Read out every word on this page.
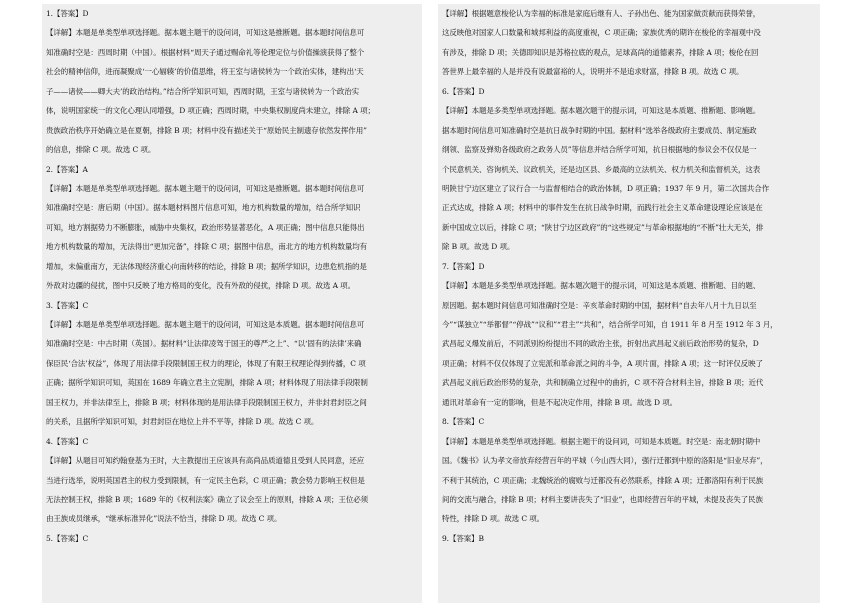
1.【答案】D
【详解】本题是单类型单项选择题。据本题主题干的设问词，可知这是推断题。据本题时间信息可
知准确时空是：西周时期（中国）。根据材料“周天子通过赐命礼等伦理定位与价值操演获得了整个
社会的精神信仰，进而凝聚成‘一心辐辏’的价值思维，将王室与诸侯转为一个政治实体，建构出‘天
子——诸侯——卿大夫’的政治结构。”结合所学知识可知，西周时期，王室与诸侯转为一个政治实
体，说明国家统一的文化心理认同增强，D 项正确；西周时期，中央集权制度尚未建立，排除 A 项；
贵族政治秩序开始确立是在夏朝，排除 B 项；材料中没有描述关于“原始民主制遗存依然发挥作用”
的信息，排除 C 项。故选 C 项。
2.【答案】A
【详解】本题是单类型单项选择题。据本题主题干的设问词，可知这是推断题。据本题时间信息可
知准确时空是：唐后期（中国）。据本题材料图片信息可知，地方机构数量的增加，结合所学知识
可知，地方割据势力不断膨胀，威胁中央集权，政治形势显著恶化，A 项正确；图中信息只能得出
地方机构数量的增加，无法得出“更加完备”，排除 C 项；据图中信息，南北方的地方机构数量均有
增加，未偏重南方，无法体现经济重心向南转移的结论，排除 B 项；据所学知识，边患危机指的是
外敌对边疆的侵扰，图中只反映了地方格局的变化，没有外敌的侵扰，排除 D 项。故选 A 项。
3.【答案】C
【详解】本题是单类型单项选择题。据本题主题干的设问词，可知这是本质题。据本题时间信息可
知准确时空是：中古时期（英国）。据材料“让法律凌驾于国王的尊严之上”、“以‘固有的法律’来确
保臣民‘合法’权益”，体现了用法律手段限制国王权力的理论，体现了有限王权理论得到传播，C 项
正确；据所学知识可知，英国在 1689 年确立君主立宪制，排除 A 项；材料体现了用法律手段限制
国王权力，并非法律至上，排除 B 项；材料体现的是用法律手段限制国王权力，并非封君封臣之间
的关系，且据所学知识可知，封君封臣在地位上并不平等，排除 D 项。故选 C 项。
4.【答案】C
【详解】从题目可知约翰登基为王时，大主教提出王应该具有高尚品质道德且受到人民同意，还应
当进行选举，说明英国君主的权力受到限制，有一定民主色彩，C 项正确；教会势力影响王权但是
无法控制王权，排除 B 项；1689 年的《权利法案》确立了议会至上的原则，排除 A 项；王位必须
由王族成员继承，“继承标准异化”说法不恰当，排除 D 项。故选 C 项。
5.【答案】C
【详解】根据题意梭伦认为幸福的标准是家庭后继有人、子孙出色、能为国家做贡献而获得荣誉，
这反映他对国家人口数量和城邦利益的高度重视，C 项正确；家族优秀的期许在梭伦的幸福观中没
有涉及，排除 D 项；关德即知识是苏格拉底的观点，足球高尚的道德素养，排除 A 项；梭伦在回
答世界上最幸福的人是并没有说最富裕的人，说明并不是追求财富，排除 B 项。故选 C 项。
6.【答案】D
【详解】本题是多类型单项选择题。据本题次题干的提示词，可知这是本质题、推断题、影响题。
据本题时间信息可知准确时空是抗日战争时期的中国。据材料“选举各级政府主要成员、制定施政
纲领、监察及弹劾各级政府之政务人员”等信息并结合所学可知，抗日根据地的参议会不仅仅是一
个民意机关、咨询机关、议政机关，还是边区县、乡最高的立法机关、权力机关和监督机关，这表
明陕甘宁边区建立了议行合一与监督相结合的政治体制，D 项正确；1937 年 9 月，第二次国共合作
正式达成，排除 A 项；材料中的事件发生在抗日战争时期，而践行社会主义革命建设理论应该是在
新中国成立以后，排除 C 项；“陕甘宁边区政府”的“这些规定”与革命根据地的“不断”壮大无关，排
除 B 项。故选 D 项。
7.【答案】D
【详解】本题是多类型单项选择题。据本题次题干的提示词，可知这是本质题、推断题、目的题、
原因题。据本题时间信息可知准确时空是：辛亥革命时期的中国，据材料“自去年八月十九日以至
今”“谋独立”“举都督”“停战”“议和”“君主”“共和”，结合所学可知，自 1911 年 8 月至 1912 年 3 月，
武昌起义爆发前后，不同派别纷纷提出不同的政治主张，折射出武昌起义前后政治形势的复杂，D
项正确；材料不仅仅体现了立宪派和革命派之间的斗争，A 项片面，排除 A 项；这一时评仅反映了
武昌起义前后政治形势的复杂，共和制确立过程中的曲折，C 项不符合材料主旨，排除 B 项；近代
通讯对革命有一定的影响，但是不起决定作用，排除 B 项。故选 D 项。
8.【答案】C
【详解】本题是单类型单项选择题。根据主题干的设问词，可知是本质题。时空是：南北朝时期中
国。《魏书》认为孝文帝放弃经营百年的平城（今山西大同），强行迁都到中原的洛阳是“旧业尽弃”，
不利于其统治，C 项正确；北魏统治的腐败与迁都没有必然联系，排除 A 项；迁都洛阳有利于民族
间的交流与融合，排除 B 项；材料主要讲丧失了“旧业”，也即经营百年的平城，未提及丧失了民族
特性，排除 D 项。故选 C 项。
9.【答案】B
